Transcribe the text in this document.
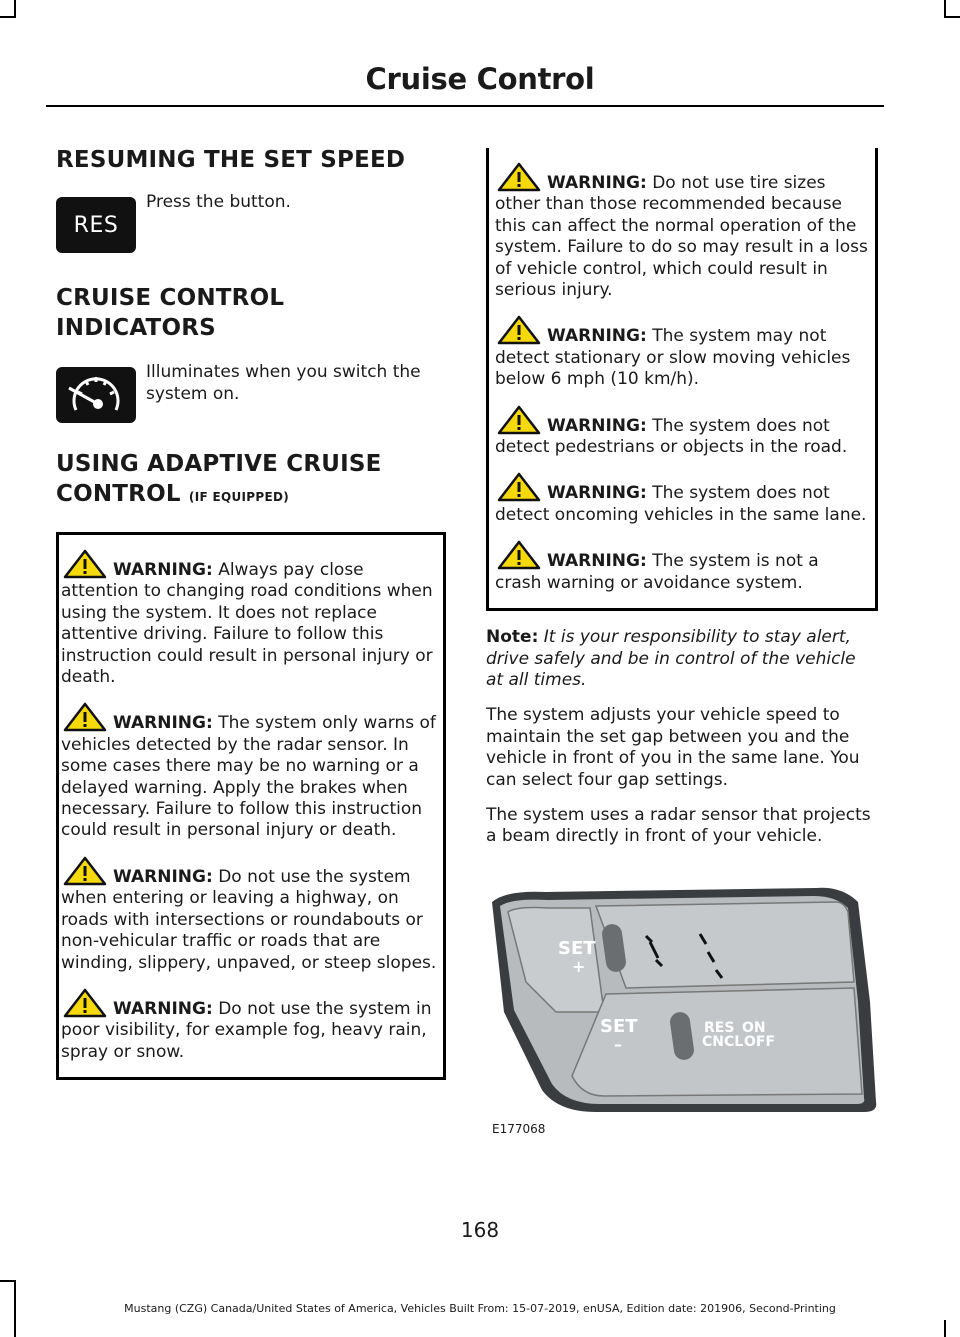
Cruise Control
RESUMING THE SET SPEED
RES
Press the button.
CRUISE CONTROL
INDICATORS
Illuminates when you switch the system on.
USING ADAPTIVE CRUISE
CONTROL (IF EQUIPPED)

WARNING: Always pay close attention to changing road conditions when using the system. It does not replace attentive driving. Failure to follow this instruction could result in personal injury or death.

WARNING: The system only warns of vehicles detected by the radar sensor. In some cases there may be no warning or a delayed warning. Apply the brakes when necessary. Failure to follow this instruction could result in personal injury or death.

WARNING: Do not use the system when entering or leaving a highway, on roads with intersections or roundabouts or non-vehicular traffic or roads that are winding, slippery, unpaved, or steep slopes.

WARNING: Do not use the system in poor visibility, for example fog, heavy rain, spray or snow.

WARNING: Do not use tire sizes other than those recommended because this can affect the normal operation of the system. Failure to do so may result in a loss of vehicle control, which could result in serious injury.

WARNING: The system may not detect stationary or slow moving vehicles below 6 mph (10 km/h).

WARNING: The system does not detect pedestrians or objects in the road.

WARNING: The system does not detect oncoming vehicles in the same lane.

WARNING: The system is not a crash warning or avoidance system.

Note: It is your responsibility to stay alert, drive safely and be in control of the vehicle at all times.

The system adjusts your vehicle speed to maintain the set gap between you and the vehicle in front of you in the same lane. You can select four gap settings.

The system uses a radar sensor that projects a beam directly in front of your vehicle.

SET
+
SET
–
RES ON
CNCL OFF
E177068
168
Mustang (CZG) Canada/United States of America, Vehicles Built From: 15-07-2019, enUSA, Edition date: 201906, Second-Printing
